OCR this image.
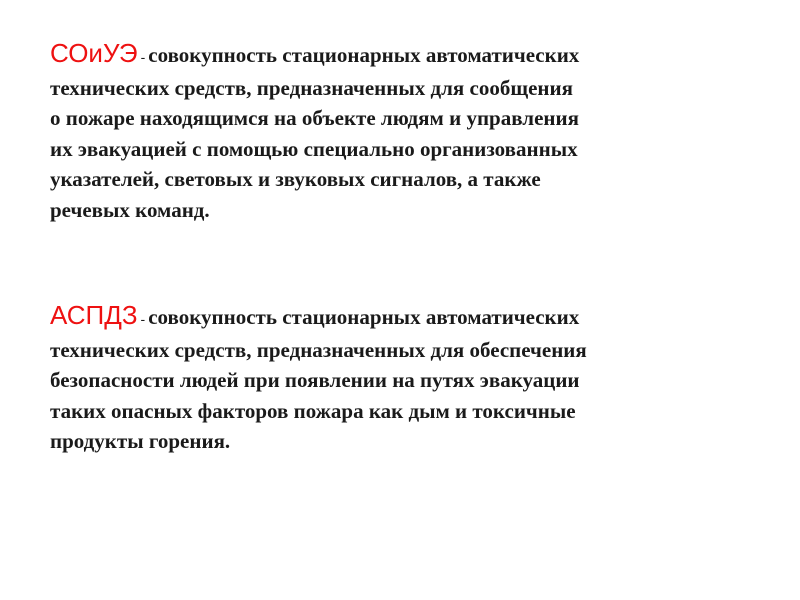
СОиУЭ - совокупность стационарных автоматических
технических средств, предназначенных для сообщения
о пожаре находящимся на объекте людям и управления
их эвакуацией с помощью специально организованных
указателей, световых и звуковых сигналов, а также
речевых команд.

АСПДЗ - совокупность стационарных автоматических
технических средств, предназначенных для обеспечения
безопасности людей при появлении на путях эвакуации
таких опасных факторов пожара как дым и токсичные
продукты горения.
